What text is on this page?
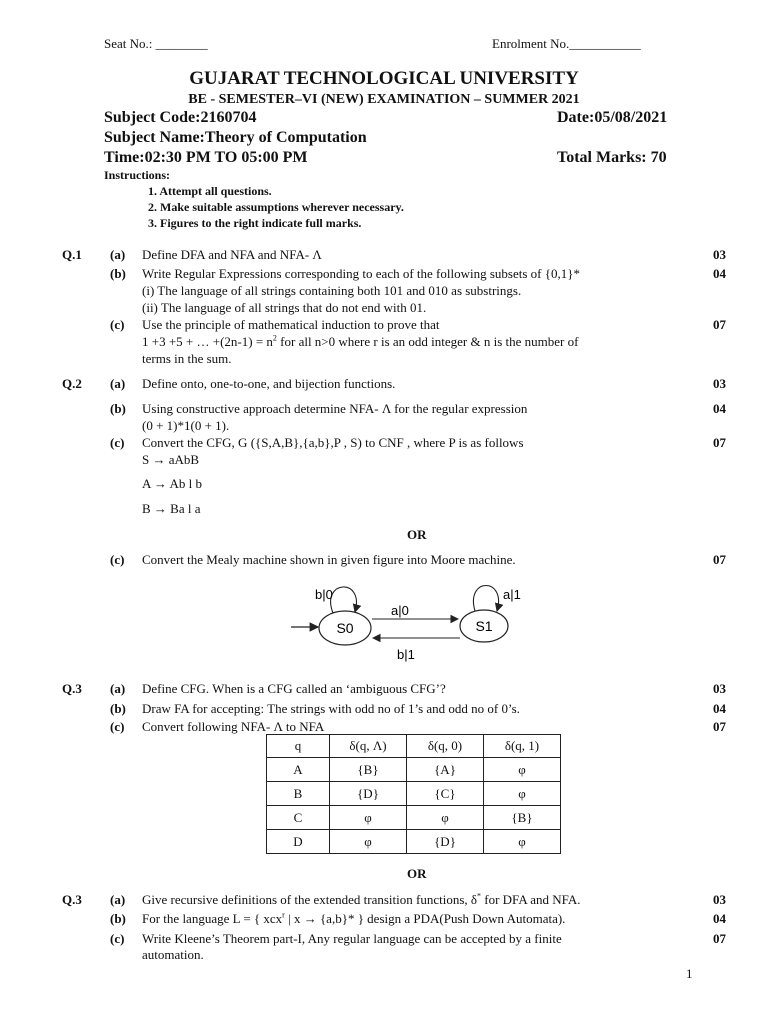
Seat No.: ________	Enrolment No.___________
GUJARAT TECHNOLOGICAL UNIVERSITY
BE - SEMESTER–VI (NEW) EXAMINATION – SUMMER 2021
Subject Code:2160704	Date:05/08/2021
Subject Name:Theory of Computation
Time:02:30 PM TO 05:00 PM	Total Marks: 70
Instructions:
1. Attempt all questions.
2. Make suitable assumptions wherever necessary.
3. Figures to the right indicate full marks.
Q.1 (a) Define DFA and NFA and NFA- Λ	03
(b) Write Regular Expressions corresponding to each of the following subsets of {0,1}*	04
(i) The language of all strings containing both 101 and 010 as substrings.
(ii) The language of all strings that do not end with 01.
(c) Use the principle of mathematical induction to prove that	07
1 +3 +5 + … $+(2n-1) = n^2$ for all n>0 where r is an odd integer & n is the number of
terms in the sum.
Q.2 (a) Define onto, one-to-one, and bijection functions.	03
(b) Using constructive approach determine NFA- Λ for the regular expression	04
(0 + 1)*1(0 + 1).
(c) Convert the CFG, G ({S,A,B},{a,b},P , S) to CNF , where P is as follows	07
S → aAbB
A → Ab l b
B → Ba l a
OR
(c) Convert the Mealy machine shown in given figure into Moore machine.	07
S0	S1
b|0	a|1
a|0
b|1
Q.3 (a) Define CFG. When is a CFG called an ‘ambiguous CFG’?	03
(b) Draw FA for accepting: The strings with odd no of 1’s and odd no of 0’s.	04
(c) Convert following NFA- Λ to NFA	07
q	δ(q, Λ)	δ(q, 0)	δ(q, 1)
A	{B}	{A}	φ
B	{D}	{C}	φ
C	φ	φ	{B}
D	φ	{D}	φ
OR
Q.3 (a) Give recursive definitions of the extended transition functions, δ* for DFA and NFA.	03
(b) For the language L = { xcx$^r$ | x → {a,b}* } design a PDA(Push Down Automata).	04
(c) Write Kleene’s Theorem part-I, Any regular language can be accepted by a finite	07
automation.
1
